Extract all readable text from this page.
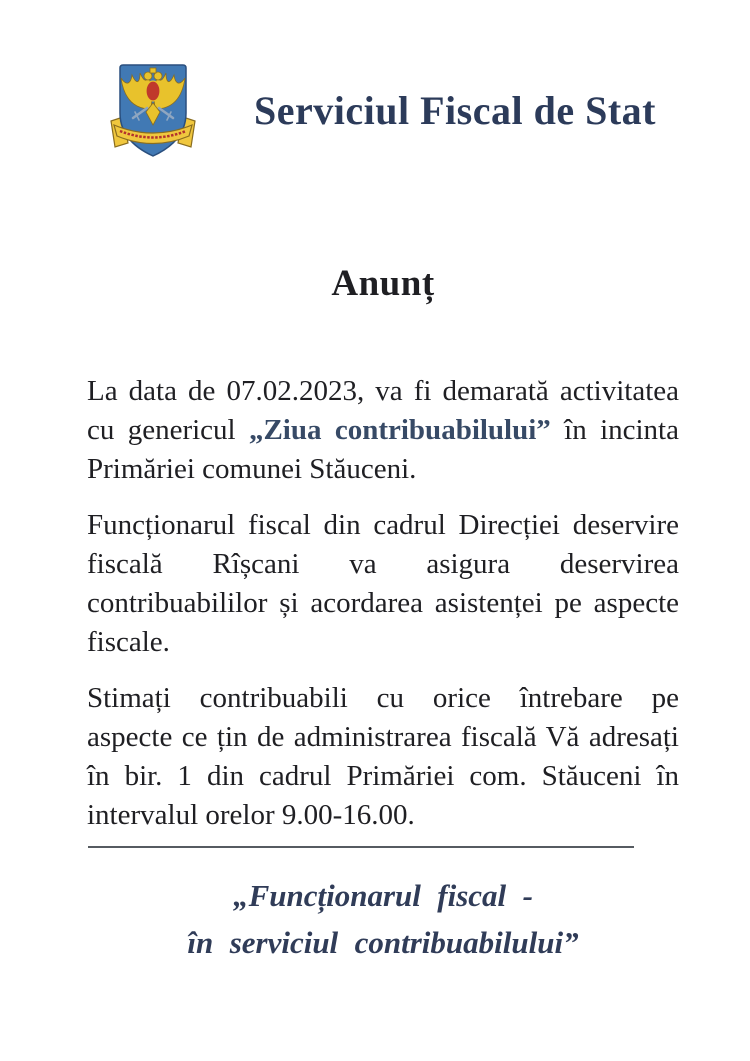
Serviciul Fiscal de Stat
Anunț
La data de 07.02.2023, va fi demarată activitatea
cu genericul „Ziua contribuabilului” în incinta
Primăriei comunei Stăuceni.
Funcționarul fiscal din cadrul Direcției deservire
fiscală Rîșcani va asigura deservirea
contribuabililor și acordarea asistenței pe aspecte
fiscale.
Stimați contribuabili cu orice întrebare pe
aspecte ce țin de administrarea fiscală Vă adresați
în bir. 1 din cadrul Primăriei com. Stăuceni în
intervalul orelor 9.00-16.00.
„Funcționarul fiscal -
în serviciul contribuabilului”
